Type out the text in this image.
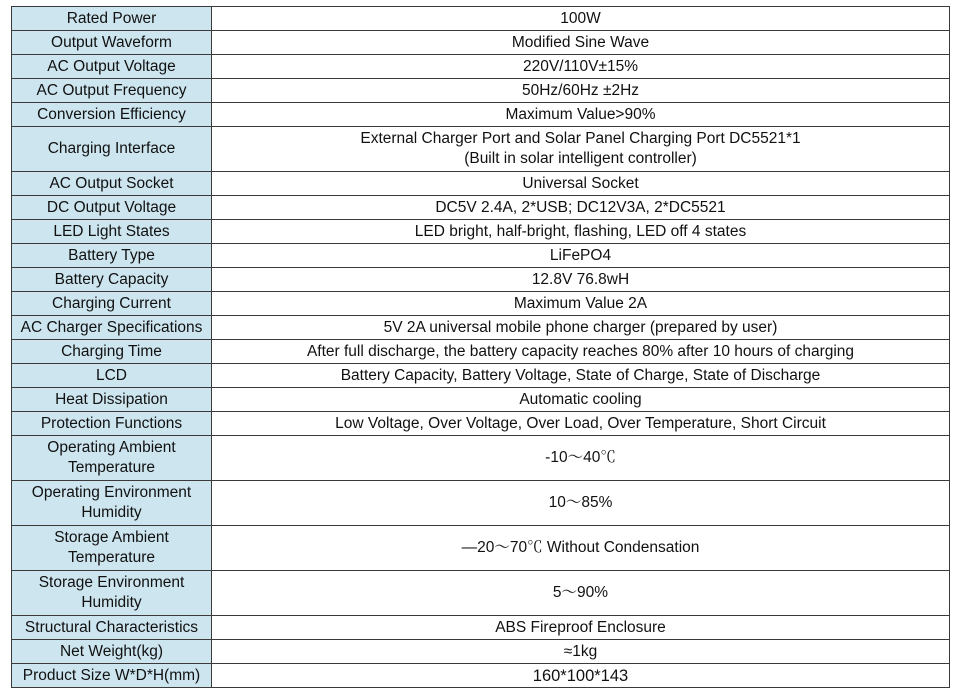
Rated Power	100W
Output Waveform	Modified Sine Wave
AC Output Voltage	220V/110V±15%
AC Output Frequency	50Hz/60Hz ±2Hz
Conversion Efficiency	Maximum Value>90%
Charging Interface	External Charger Port and Solar Panel Charging Port DC5521*1
(Built in solar intelligent controller)

AC Output Socket	Universal Socket
DC Output Voltage	DC5V 2.4A, 2*USB; DC12V3A, 2*DC5521
LED Light States	LED bright, half-bright, flashing, LED off 4 states
Battery Type	LiFePO4
Battery Capacity	12.8V 76.8wH
Charging Current	Maximum Value 2A
AC Charger Specifications	5V 2A universal mobile phone charger (prepared by user)
Charging Time	After full discharge, the battery capacity reaches 80% after 10 hours of charging
LCD	Battery Capacity, Battery Voltage, State of Charge, State of Discharge
Heat Dissipation	Automatic cooling
Protection Functions	Low Voltage, Over Voltage, Over Load, Over Temperature, Short Circuit

Operating Ambient
Temperature	-10～40℃

Operating Environment
Humidity	10～85%

Storage Ambient
Temperature	—20～70℃ Without Condensation

Storage Environment
Humidity	5～90%
Structural Characteristics	ABS Fireproof Enclosure
Net Weight(kg)	≈1kg
Product Size W*D*H(mm)	160*100*143
